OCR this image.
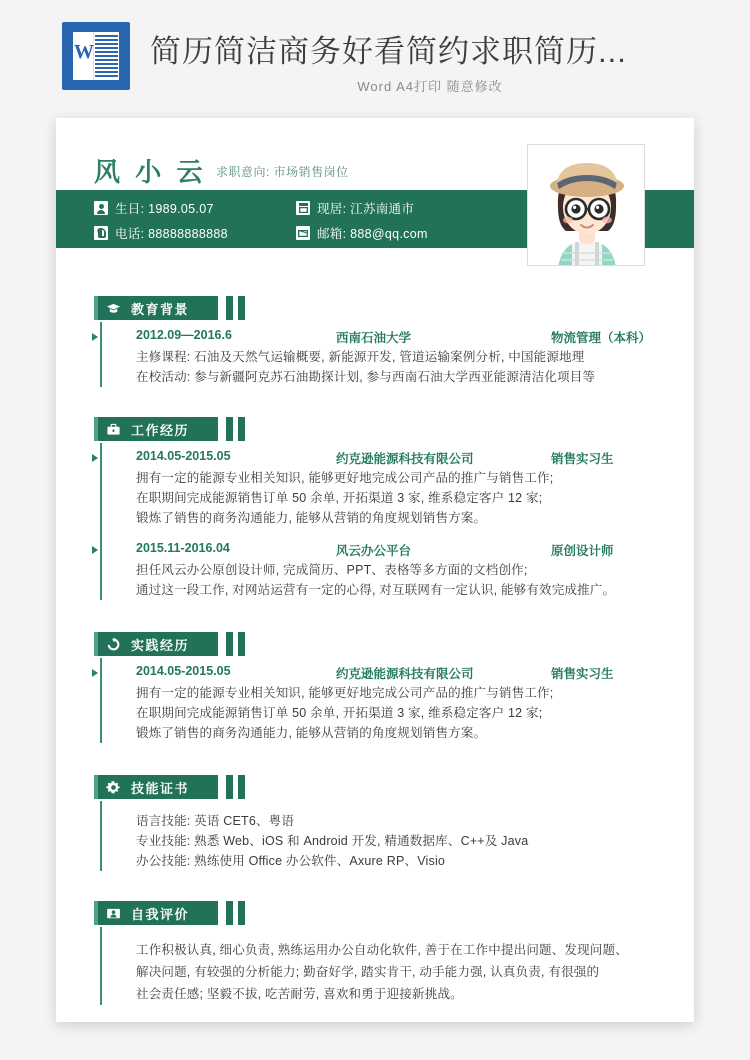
W 简历简洁商务好看简约求职简历...
Word A4打印 随意修改
风 小 云 求职意向: 市场销售岗位
生日: 1989.05.07	现居: 江苏南通市
电话: 88888888888	邮箱: 888@qq.com
教育背景
2012.09—2016.6	西南石油大学	物流管理（本科）
主修课程: 石油及天然气运输概要, 新能源开发, 管道运输案例分析, 中国能源地理
在校活动: 参与新疆阿克苏石油勘探计划, 参与西南石油大学西亚能源清洁化项目等
工作经历
2014.05-2015.05	约克逊能源科技有限公司	销售实习生
拥有一定的能源专业相关知识, 能够更好地完成公司产品的推广与销售工作;
在职期间完成能源销售订单 50 余单, 开拓渠道 3 家, 维系稳定客户 12 家;
锻炼了销售的商务沟通能力, 能够从营销的角度规划销售方案。
2015.11-2016.04	风云办公平台	原创设计师
担任风云办公原创设计师, 完成简历、PPT、表格等多方面的文档创作;
通过这一段工作, 对网站运营有一定的心得, 对互联网有一定认识, 能够有效完成推广。
实践经历
2014.05-2015.05	约克逊能源科技有限公司	销售实习生
拥有一定的能源专业相关知识, 能够更好地完成公司产品的推广与销售工作;
在职期间完成能源销售订单 50 余单, 开拓渠道 3 家, 维系稳定客户 12 家;
锻炼了销售的商务沟通能力, 能够从营销的角度规划销售方案。
技能证书
语言技能: 英语 CET6、粤语
专业技能: 熟悉 Web、iOS 和 Android 开发, 精通数据库、C++及 Java
办公技能: 熟练使用 Office 办公软件、Axure RP、Visio
自我评价
工作积极认真, 细心负责, 熟练运用办公自动化软件, 善于在工作中提出问题、发现问题、
解决问题, 有较强的分析能力; 勤奋好学, 踏实肯干, 动手能力强, 认真负责, 有很强的
社会责任感; 坚毅不拔, 吃苦耐劳, 喜欢和勇于迎接新挑战。
